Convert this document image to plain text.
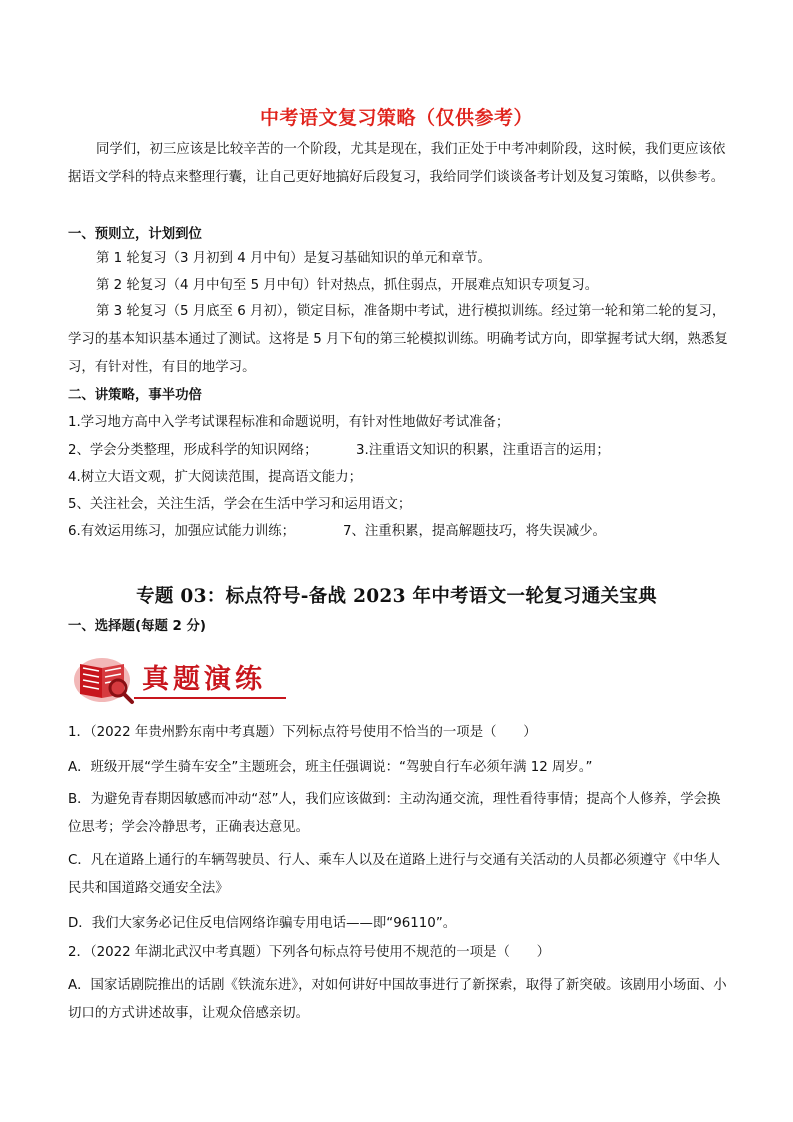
中考语文复习策略（仅供参考）
同学们，初三应该是比较辛苦的一个阶段，尤其是现在，我们正处于中考冲刺阶段，这时候，我们更应该依据语文学科的特点来整理行囊，让自己更好地搞好后段复习，我给同学们谈谈备考计划及复习策略，以供参考。
一、预则立，计划到位
第 1 轮复习（3 月初到 4 月中旬）是复习基础知识的单元和章节。
第 2 轮复习（4 月中旬至 5 月中旬）针对热点，抓住弱点，开展难点知识专项复习。
第 3 轮复习（5 月底至 6 月初），锁定目标，准备期中考试，进行模拟训练。经过第一轮和第二轮的复习，学习的基本知识基本通过了测试。这将是 5 月下旬的第三轮模拟训练。明确考试方向，即掌握考试大纲，熟悉复习，有针对性，有目的地学习。
二、讲策略，事半功倍
1.学习地方高中入学考试课程标准和命题说明，有针对性地做好考试准备；
2、学会分类整理，形成科学的知识网络；	3.注重语文知识的积累，注重语言的运用；
4.树立大语文观，扩大阅读范围，提高语文能力；
5、关注社会，关注生活，学会在生活中学习和运用语文；
6.有效运用练习，加强应试能力训练；	7、注重积累，提高解题技巧，将失误减少。
专题 03：标点符号-备战 2023 年中考语文一轮复习通关宝典
一、选择题(每题 2 分)
真题演练
1．（2022 年贵州黔东南中考真题）下列标点符号使用不恰当的一项是（　　）
A．班级开展“学生骑车安全”主题班会，班主任强调说：“驾驶自行车必须年满 12 周岁。”
B．为避免青春期因敏感而冲动“怼”人，我们应该做到：主动沟通交流，理性看待事情；提高个人修养，学会换位思考；学会冷静思考，正确表达意见。
C．凡在道路上通行的车辆驾驶员、行人、乘车人以及在道路上进行与交通有关活动的人员都必须遵守《中华人民共和国道路交通安全法》
D．我们大家务必记住反电信网络诈骗专用电话——即“96110”。
2．（2022 年湖北武汉中考真题）下列各句标点符号使用不规范的一项是（　　）
A．国家话剧院推出的话剧《铁流东进》，对如何讲好中国故事进行了新探索，取得了新突破。该剧用小场面、小切口的方式讲述故事，让观众倍感亲切。
